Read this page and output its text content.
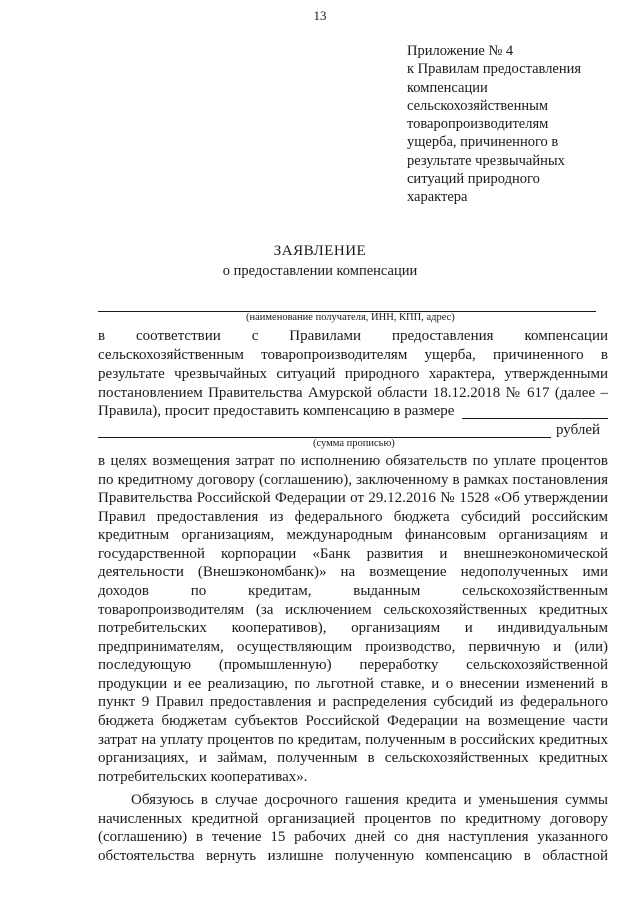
13
Приложение № 4
к Правилам предоставления
компенсации
сельскохозяйственным
товаропроизводителям
ущерба, причиненного в
результате чрезвычайных
ситуаций природного
характера
ЗАЯВЛЕНИЕ
о предоставлении компенсации
(наименование получателя, ИНН, КПП, адрес)
в соответствии с Правилами предоставления компенсации
сельскохозяйственным товаропроизводителям ущерба, причиненного в
результате чрезвычайных ситуаций природного характера, утвержденными
постановлением Правительства Амурской области 18.12.2018 № 617 (далее –
Правила), просит предоставить компенсацию в размере
рублей
(сумма прописью)
в целях возмещения затрат по исполнению обязательств по уплате процентов
по кредитному договору (соглашению), заключенному в рамках постановления
Правительства Российской Федерации от 29.12.2016 № 1528 «Об утверждении
Правил предоставления из федерального бюджета субсидий российским
кредитным организациям, международным финансовым организациям и
государственной корпорации «Банк развития и внешнеэкономической
деятельности (Внешэкономбанк)» на возмещение недополученных ими
доходов по кредитам, выданным сельскохозяйственным
товаропроизводителям (за исключением сельскохозяйственных кредитных
потребительских кооперативов), организациям и индивидуальным
предпринимателям, осуществляющим производство, первичную и (или)
последующую (промышленную) переработку сельскохозяйственной
продукции и ее реализацию, по льготной ставке, и о внесении изменений в
пункт 9 Правил предоставления и распределения субсидий из федерального
бюджета бюджетам субъектов Российской Федерации на возмещение части
затрат на уплату процентов по кредитам, полученным в российских кредитных
организациях, и займам, полученным в сельскохозяйственных кредитных
потребительских кооперативах».
Обязуюсь в случае досрочного гашения кредита и уменьшения суммы
начисленных кредитной организацией процентов по кредитному договору
(соглашению) в течение 15 рабочих дней со дня наступления указанного
обстоятельства вернуть излишне полученную компенсацию в областной
